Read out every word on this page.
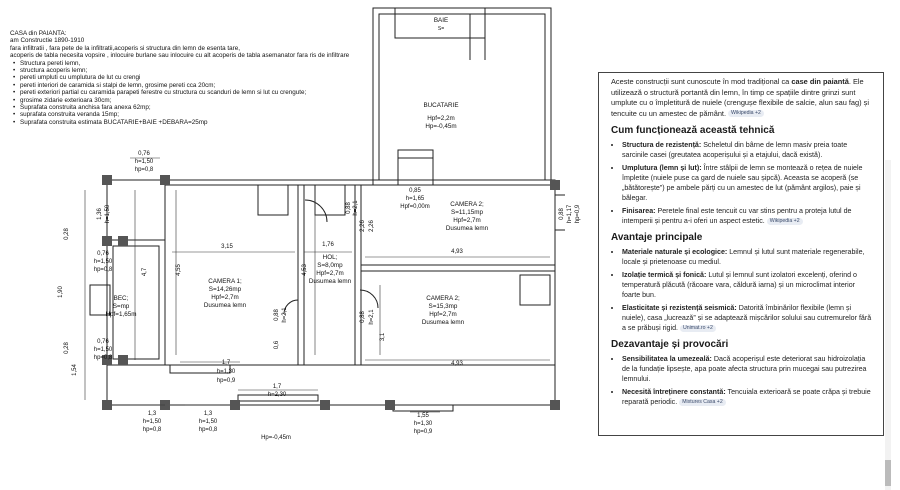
BAIE
S=
BUCATARIE
Hpf=2,2m
Hp=-0,45m
CAMERA 1;
S=14,26mp
Hpf=2,7m
Dusumea lemn
HOL;
S=8,0mp
Hpf=2,7m
Dusumea lemn
CAMERA 2;
S=11,15mp
Hpf=2,7m
Dusumea lemn
CAMERA 2;
S=15,3mp
Hpf=2,7m
Dusumea lemn
BEC;
S=mp
Hpf=1,65m
0,76
h=1,50
hp=0,8
1,36 h=1,50
0,28
0,76
h=1,50
hp=0,8
1,90
0,28
0,76
h=1,50
hp=0,8
1,54
3,15	1,76
4,93
4,93
4,55	4,53
4,7
3,1
2,26 2,26
0,88 h=2,1
0,88 h=2,1	0,88 h=2,1
0,6
0,85
h=1,65
Hpf=0,00m
0,88 h=1,17 hp=0,9
1,7
h=1,30
hp=0,9
1,7
h=2,30
1,3
h=1,50
hp=0,8
1,3
h=1,50
hp=0,8
1,55
h=1,30
hp=0,9
Hp=-0,45m
CASA din PAIANTA:
am Constructie 1890-1910
fara infiltratii , fara pete de la infiltratii,acoperis si structura din lemn de esenta tare,
acoperis de tabla necesita vopsire , inlocuire burlane sau inlocuire cu alt acoperis de tabla asemanator fara ris de infiltrare
• Structura pereti lemn,
• structura acoperis lemn;
• pereti umpluti cu umplutura de lut cu crengi
• pereti interiori de caramida si stalpi de lemn, grosime pereti cca 20cm;
• pereti exteriori partial cu caramida parapeti ferestre cu structura cu scanduri de lemn si lut cu crengute;
• grosime zidarie exterioara 30cm;
• Suprafata construita anchisa fara anexa 62mp;
• suprafata construita veranda 15mp;
• Suprafata construita estimata BUCATARIE+BAIE +DEBARA=25mp

Aceste construcții sunt cunoscute în mod tradițional ca case din paiantă. Ele utilizează o structură portantă din lemn, în timp ce spațiile dintre grinzi sunt umplute cu o împletitură de nuiele (crengușe flexibile de salcie, alun sau fag) și tencuite cu un amestec de pământ. Wikipedia +2

Cum funcționează această tehnică
• Structura de rezistență: Scheletul din bârne de lemn masiv preia toate sarcinile casei (greutatea acoperișului și a etajului, dacă există).
• Umplutura (lemn și lut): Între stâlpii de lemn se montează o rețea de nuiele împletite (nuiele puse ca gard de nuiele sau șipcă). Aceasta se acoperă (se „bătătorește”) pe ambele părți cu un amestec de lut (pământ argilos), paie și bălegar.
• Finisarea: Peretele final este tencuit cu var stins pentru a proteja lutul de intemperii și pentru a-i oferi un aspect estetic. Wikipedia +2
Avantaje principale
• Materiale naturale și ecologice: Lemnul și lutul sunt materiale regenerabile, locale și prietenoase cu mediul.
• Izolație termică și fonică: Lutul și lemnul sunt izolatori excelenți, oferind o temperatură plăcută (răcoare vara, căldură iarna) și un microclimat interior foarte bun.
• Elasticitate și rezistență seismică: Datorită îmbinărilor flexibile (lemn și nuiele), casa „lucrează” și se adaptează mișcărilor solului sau cutremurelor fără a se prăbuși rigid. Unimat.ro +2
Dezavantaje și provocări
• Sensibilitatea la umezeală: Dacă acoperișul este deteriorat sau hidroizolația de la fundație lipsește, apa poate afecta structura prin mucegai sau putrezirea lemnului.
• Necesită întreținere constantă: Tencuiala exterioară se poate crăpa și trebuie reparată periodic. Mixtures Casa +2
